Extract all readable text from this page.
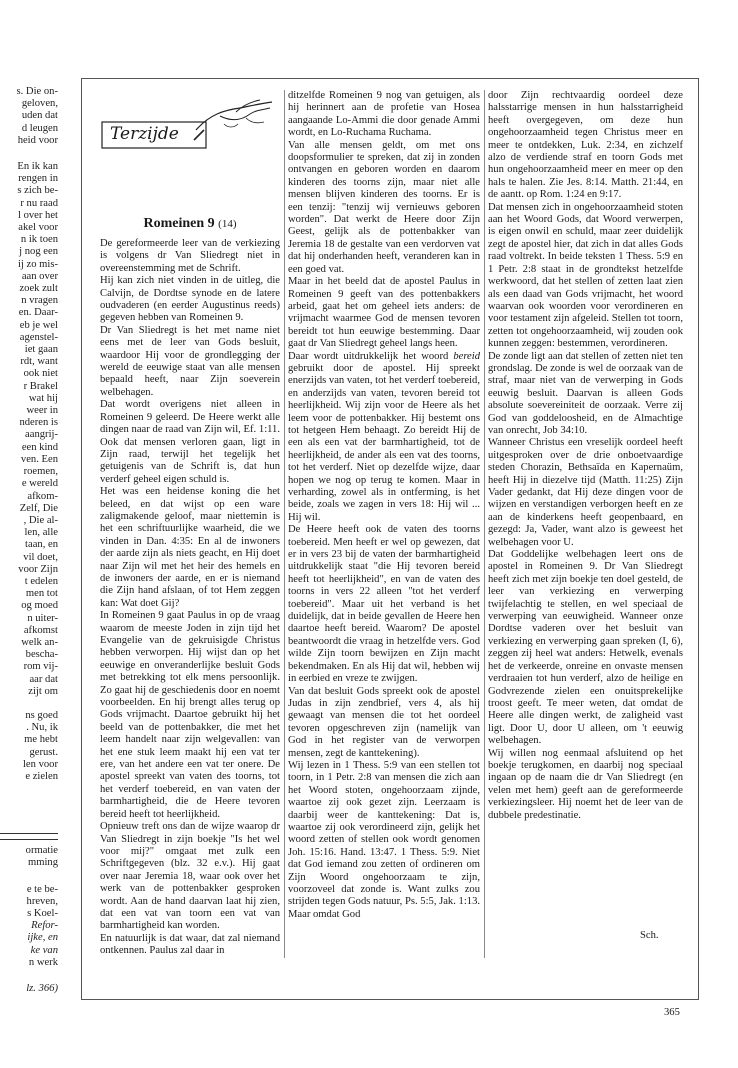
s. Die on-
geloven,
uden dat
d leugen
heid voor
En ik kan
rengen in
s zich be-
r nu raad
l over het
akel voor
n ik toen
j nog een
ij zo mis-
aan over
zoek zult
n vragen
en. Daar-
eb je wel
agenstel-
iet gaan
rdt, want
ook niet
r Brakel
wat hij
weer in
nderen is
aangrij-
een kind
ven. Een
roemen,
e wereld
afkom-
Zelf, Die
, Die al-
len, alle
taan, en
vil doet,
voor Zijn
t edelen
men tot
og moed
n uiter-
afkomst
welk an-
bescha-
rom vij-
aar dat
zijt om
ns goed
. Nu, ik
me hebt
gerust.
len voor
e zielen
ormatie
mming
e te be-
hreven,
s Koel-
Refor-
ijke, en
ke van
n werk
lz. 366)
Terzijde
Romeinen 9 (14)

De gereformeerde leer van de verkiezing is volgens dr Van Sliedregt niet in overeenstemming met de Schrift.

Hij kan zich niet vinden in de uitleg, die Calvijn, de Dordtse synode en de latere oudvaderen (en eerder Augustinus reeds) gegeven hebben van Romeinen 9.

Dr Van Sliedregt is het met name niet eens met de leer van Gods besluit, waardoor Hij voor de grondlegging der wereld de eeuwige staat van alle mensen bepaald heeft, naar Zijn soeverein welbehagen.

Dat wordt overigens niet alleen in Romeinen 9 geleerd. De Heere werkt alle dingen naar de raad van Zijn wil, Ef. 1:11. Ook dat mensen verloren gaan, ligt in Zijn raad, terwijl het tegelijk het getuigenis van de Schrift is, dat hun verderf geheel eigen schuld is.

Het was een heidense koning die het beleed, en dat wijst op een ware zaligmakende geloof, maar niettemin is het een schriftuurlijke waarheid, die we vinden in Dan. 4:35: En al de inwoners der aarde zijn als niets geacht, en Hij doet naar Zijn wil met het heir des hemels en de inwoners der aarde, en er is niemand die Zijn hand afslaan, of tot Hem zeggen kan: Wat doet Gij?

In Romeinen 9 gaat Paulus in op de vraag waarom de meeste Joden in zijn tijd het Evangelie van de gekruisigde Christus hebben verworpen. Hij wijst dan op het eeuwige en onveranderlijke besluit Gods met betrekking tot elk mens persoonlijk. Zo gaat hij de geschiedenis door en noemt voorbeelden. En hij brengt alles terug op Gods vrijmacht. Daartoe gebruikt hij het beeld van de pottenbakker, die met het leem handelt naar zijn welgevallen: van het ene stuk leem maakt hij een vat ter ere, van het andere een vat ter onere. De apostel spreekt van vaten des toorns, tot het verderf toebereid, en van vaten der barmhartigheid, die de Heere tevoren bereid heeft tot heerlijkheid.

Opnieuw treft ons dan de wijze waarop dr Van Sliedregt in zijn boekje "Is het wel voor mij?" omgaat met zulk een Schriftgegeven (blz. 32 e.v.). Hij gaat over naar Jeremia 18, waar ook over het werk van de pottenbakker gesproken wordt. Aan de hand daarvan laat hij zien, dat een vat van toorn een vat van barmhartigheid kan worden.

En natuurlijk is dat waar, dat zal niemand ontkennen. Paulus zal daar in

ditzelfde Romeinen 9 nog van getuigen, als hij herinnert aan de profetie van Hosea aangaande Lo-Ammi die door genade Ammi wordt, en Lo-Ruchama Ruchama.

Van alle mensen geldt, om met ons doopsformulier te spreken, dat zij in zonden ontvangen en geboren worden en daarom kinderen des toorns zijn, maar niet alle mensen blijven kinderen des toorns. Er is een tenzij: "tenzij wij vernieuws geboren worden". Dat werkt de Heere door Zijn Geest, gelijk als de pottenbakker van Jeremia 18 de gestalte van een verdorven vat dat hij onderhanden heeft, veranderen kan in een goed vat.

Maar in het beeld dat de apostel Paulus in Romeinen 9 geeft van des pottenbakkers arbeid, gaat het om geheel iets anders: de vrijmacht waarmee God de mensen tevoren bereidt tot hun eeuwige bestemming. Daar gaat dr Van Sliedregt geheel langs heen.

Daar wordt uitdrukkelijk het woord bereid gebruikt door de apostel. Hij spreekt enerzijds van vaten, tot het verderf toebereid, en anderzijds van vaten, tevoren bereid tot heerlijkheid. Wij zijn voor de Heere als het leem voor de pottenbakker. Hij bestemt ons tot hetgeen Hem behaagt. Zo bereidt Hij de een als een vat der barmhartigheid, tot de heerlijkheid, de ander als een vat des toorns, tot het verderf. Niet op dezelfde wijze, daar hopen we nog op terug te komen. Maar in verharding, zowel als in ontferming, is het beide, zoals we zagen in vers 18: Hij wil ... Hij wil.

De Heere heeft ook de vaten des toorns toebereid. Men heeft er wel op gewezen, dat er in vers 23 bij de vaten der barmhartigheid uitdrukkelijk staat "die Hij tevoren bereid heeft tot heerlijkheid", en van de vaten des toorns in vers 22 alleen "tot het verderf toebereid". Maar uit het verband is het duidelijk, dat in beide gevallen de Heere hen daartoe heeft bereid. Waarom? De apostel beantwoordt die vraag in hetzelfde vers. God wilde Zijn toorn bewijzen en Zijn macht bekendmaken. En als Hij dat wil, hebben wij in eerbied en vreze te zwijgen.

Van dat besluit Gods spreekt ook de apostel Judas in zijn zendbrief, vers 4, als hij gewaagt van mensen die tot het oordeel tevoren opgeschreven zijn (namelijk van God in het register van de verworpen mensen, zegt de kanttekening).

Wij lezen in 1 Thess. 5:9 van een stellen tot toorn, in 1 Petr. 2:8 van mensen die zich aan het Woord stoten, ongehoorzaam zijnde, waartoe zij ook gezet zijn. Leerzaam is daarbij weer de kanttekening: Dat is, waartoe zij ook verordineerd zijn, gelijk het woord zetten of stellen ook wordt genomen Joh. 15:16. Hand. 13:47. 1 Thess. 5:9. Niet dat God iemand zou zetten of ordineren om Zijn Woord ongehoorzaam te zijn, voorzoveel dat zonde is. Want zulks zou strijden tegen Gods natuur, Ps. 5:5, Jak. 1:13. Maar omdat God

door Zijn rechtvaardig oordeel deze halsstarrige mensen in hun halsstarrigheid heeft overgegeven, om deze hun ongehoorzaamheid tegen Christus meer en meer te ontdekken, Luk. 2:34, en zichzelf alzo de verdiende straf en toorn Gods met hun ongehoorzaamheid meer en meer op den hals te halen. Zie Jes. 8:14. Matth. 21:44, en de aantt. op Rom. 1:24 en 9:17.

Dat mensen zich in ongehoorzaamheid stoten aan het Woord Gods, dat Woord verwerpen, is eigen onwil en schuld, maar zeer duidelijk zegt de apostel hier, dat zich in dat alles Gods raad voltrekt. In beide teksten 1 Thess. 5:9 en 1 Petr. 2:8 staat in de grondtekst hetzelfde werkwoord, dat het stellen of zetten laat zien als een daad van Gods vrijmacht, het woord waarvan ook woorden voor verordineren en voor testament zijn afgeleid. Stellen tot toorn, zetten tot ongehoorzaamheid, wij zouden ook kunnen zeggen: bestemmen, verordineren.

De zonde ligt aan dat stellen of zetten niet ten grondslag. De zonde is wel de oorzaak van de straf, maar niet van de verwerping in Gods eeuwig besluit. Daarvan is alleen Gods absolute soevereiniteit de oorzaak. Verre zij God van goddeloosheid, en de Almachtige van onrecht, Job 34:10.

Wanneer Christus een vreselijk oordeel heeft uitgesproken over de drie onboetvaardige steden Chorazin, Bethsaïda en Kapernaüm, heeft Hij in diezelve tijd (Matth. 11:25) Zijn Vader gedankt, dat Hij deze dingen voor de wijzen en verstandigen verborgen heeft en ze aan de kinderkens heeft geopenbaard, en gezegd: Ja, Vader, want alzo is geweest het welbehagen voor U.

Dat Goddelijke welbehagen leert ons de apostel in Romeinen 9. Dr Van Sliedregt heeft zich met zijn boekje ten doel gesteld, de leer van verkiezing en verwerping twijfelachtig te stellen, en wel speciaal de verwerping van eeuwigheid. Wanneer onze Dordtse vaderen over het besluit van verkiezing en verwerping gaan spreken (I, 6), zeggen zij heel wat anders: Hetwelk, evenals het de verkeerde, onreine en onvaste mensen verdraaien tot hun verderf, alzo de heilige en Godvrezende zielen een onuitsprekelijke troost geeft. Te meer weten, dat omdat de Heere alle dingen werkt, de zaligheid vast ligt. Door U, door U alleen, om 't eeuwig welbehagen.

Wij willen nog eenmaal afsluitend op het boekje terugkomen, en daarbij nog speciaal ingaan op de naam die dr Van Sliedregt (en velen met hem) geeft aan de gereformeerde verkiezingsleer. Hij noemt het de leer van de dubbele predestinatie.

Sch.
365
